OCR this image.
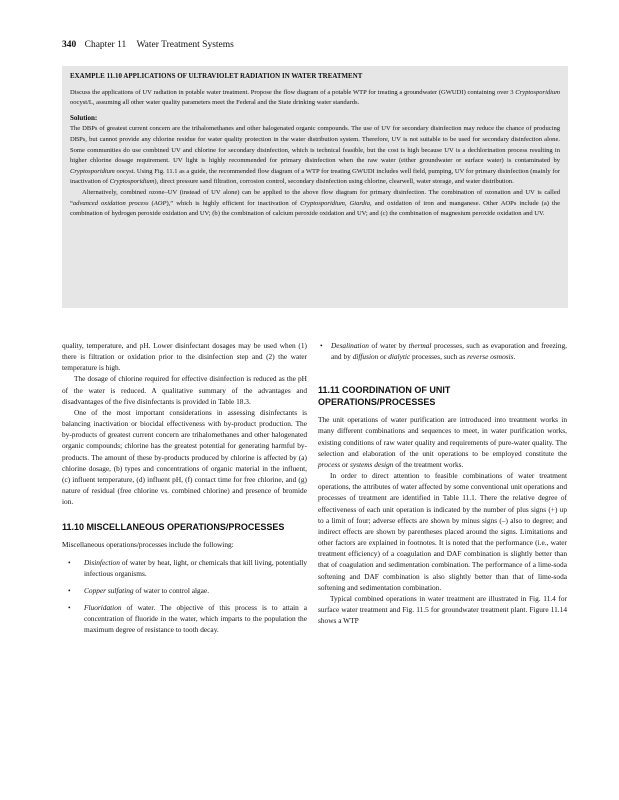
340 Chapter 11 Water Treatment Systems

EXAMPLE 11.10 APPLICATIONS OF ULTRAVIOLET RADIATION IN WATER TREATMENT

Discuss the applications of UV radiation in potable water treatment. Propose the flow diagram of a potable WTP for treating a groundwater (GWUDI) containing over 3 Cryptosporidium oocyst/L, assuming all other water quality parameters meet the Federal and the State drinking water standards.

Solution:

The DBPs of greatest current concern are the trihalomethanes and other halogenated organic compounds. The use of UV for secondary disinfection may reduce the chance of producing DBPs, but cannot provide any chlorine residue for water quality protection in the water distribution system. Therefore, UV is not suitable to be used for secondary disinfection alone. Some communities do use combined UV and chlorine for secondary disinfection, which is technical feasible, but the cost is high because UV is a dechlorination process resulting in higher chlorine dosage requirement. UV light is highly recommended for primary disinfection when the raw water (either groundwater or surface water) is contaminated by Cryptosporidium oocyst. Using Fig. 11.1 as a guide, the recommended flow diagram of a WTP for treating GWUDI includes well field, pumping, UV for primary disinfection (mainly for inactivation of Cryptosporidium), direct pressure sand filtration, corrosion control, secondary disinfection using chlorine, clearwell, water storage, and water distribution.

Alternatively, combined ozone–UV (instead of UV alone) can be applied to the above flow diagram for primary disinfection. The combination of ozonation and UV is called “advanced oxidation process (AOP),” which is highly efficient for inactivation of Cryptosporidium, Giardia, and oxidation of iron and manganese. Other AOPs include (a) the combination of hydrogen peroxide oxidation and UV; (b) the combination of calcium peroxide oxidation and UV; and (c) the combination of magnesium peroxide oxidation and UV.

quality, temperature, and pH. Lower disinfectant dosages may be used when (1) there is filtration or oxidation prior to the disinfection step and (2) the water temperature is high.

The dosage of chlorine required for effective disinfection is reduced as the pH of the water is reduced. A qualitative summary of the advantages and disadvantages of the five disinfectants is provided in Table 18.3.

One of the most important considerations in assessing disinfectants is balancing inactivation or biocidal effectiveness with by-product production. The by-products of greatest current concern are trihalomethanes and other halogenated organic compounds; chlorine has the greatest potential for generating harmful by-products. The amount of these by-products produced by chlorine is affected by (a) chlorine dosage, (b) types and concentrations of organic material in the influent, (c) influent temperature, (d) influent pH, (f) contact time for free chlorine, and (g) nature of residual (free chlorine vs. combined chlorine) and presence of bromide ion.

11.10 MISCELLANEOUS OPERATIONS/PROCESSES

Miscellaneous operations/processes include the following:

• Disinfection of water by heat, light, or chemicals that kill living, potentially infectious organisms.
• Copper sulfating of water to control algae.
• Fluoridation of water. The objective of this process is to attain a concentration of fluoride in the water, which imparts to the population the maximum degree of resistance to tooth decay.
• Desalination of water by thermal processes, such as evaporation and freezing, and by diffusion or dialytic processes, such as reverse osmosis.
11.11 COORDINATION OF UNIT OPERATIONS/PROCESSES

The unit operations of water purification are introduced into treatment works in many different combinations and sequences to meet, in water purification works, existing conditions of raw water quality and requirements of pure-water quality. The selection and elaboration of the unit operations to be employed constitute the process or systems design of the treatment works.

In order to direct attention to feasible combinations of water treatment operations, the attributes of water affected by some conventional unit operations and processes of treatment are identified in Table 11.1. There the relative degree of effectiveness of each unit operation is indicated by the number of plus signs (+) up to a limit of four; adverse effects are shown by minus signs (–) also to degree; and indirect effects are shown by parentheses placed around the signs. Limitations and other factors are explained in footnotes. It is noted that the performance (i.e., water treatment efficiency) of a coagulation and DAF combination is slightly better than that of coagulation and sedimentation combination. The performance of a lime-soda softening and DAF combination is also slightly better than that of lime-soda softening and sedimentation combination.

Typical combined operations in water treatment are illustrated in Fig. 11.4 for surface water treatment and Fig. 11.5 for groundwater treatment plant. Figure 11.14 shows a WTP
